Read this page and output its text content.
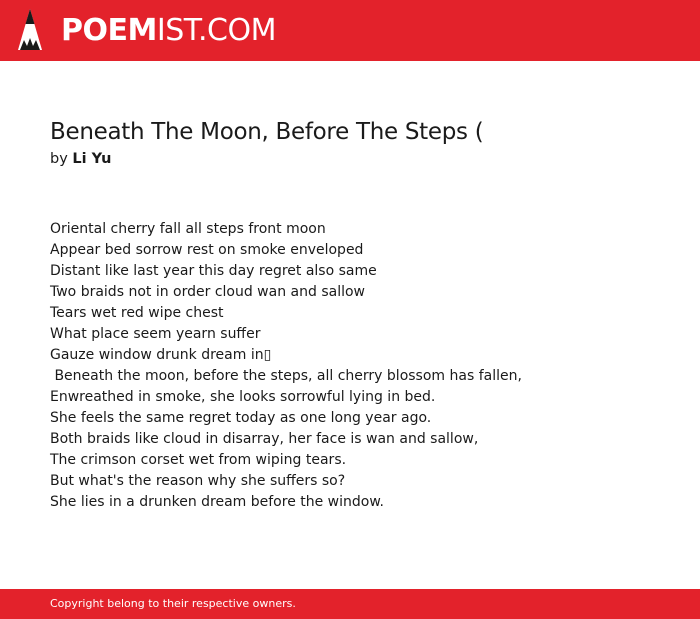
POEMIST.COM
Beneath The Moon, Before The Steps (
by Li Yu
Oriental cherry fall all steps front moon
Appear bed sorrow rest on smoke enveloped
Distant like last year this day regret also same
Two braids not in order cloud wan and sallow
Tears wet red wipe chest
What place seem yearn suffer
Gauze window drunk dream in▯
Beneath the moon, before the steps, all cherry blossom has fallen,
Enwreathed in smoke, she looks sorrowful lying in bed.
She feels the same regret today as one long year ago.
Both braids like cloud in disarray, her face is wan and sallow,
The crimson corset wet from wiping tears.
But what's the reason why she suffers so?
She lies in a drunken dream before the window.
Copyright belong to their respective owners.
